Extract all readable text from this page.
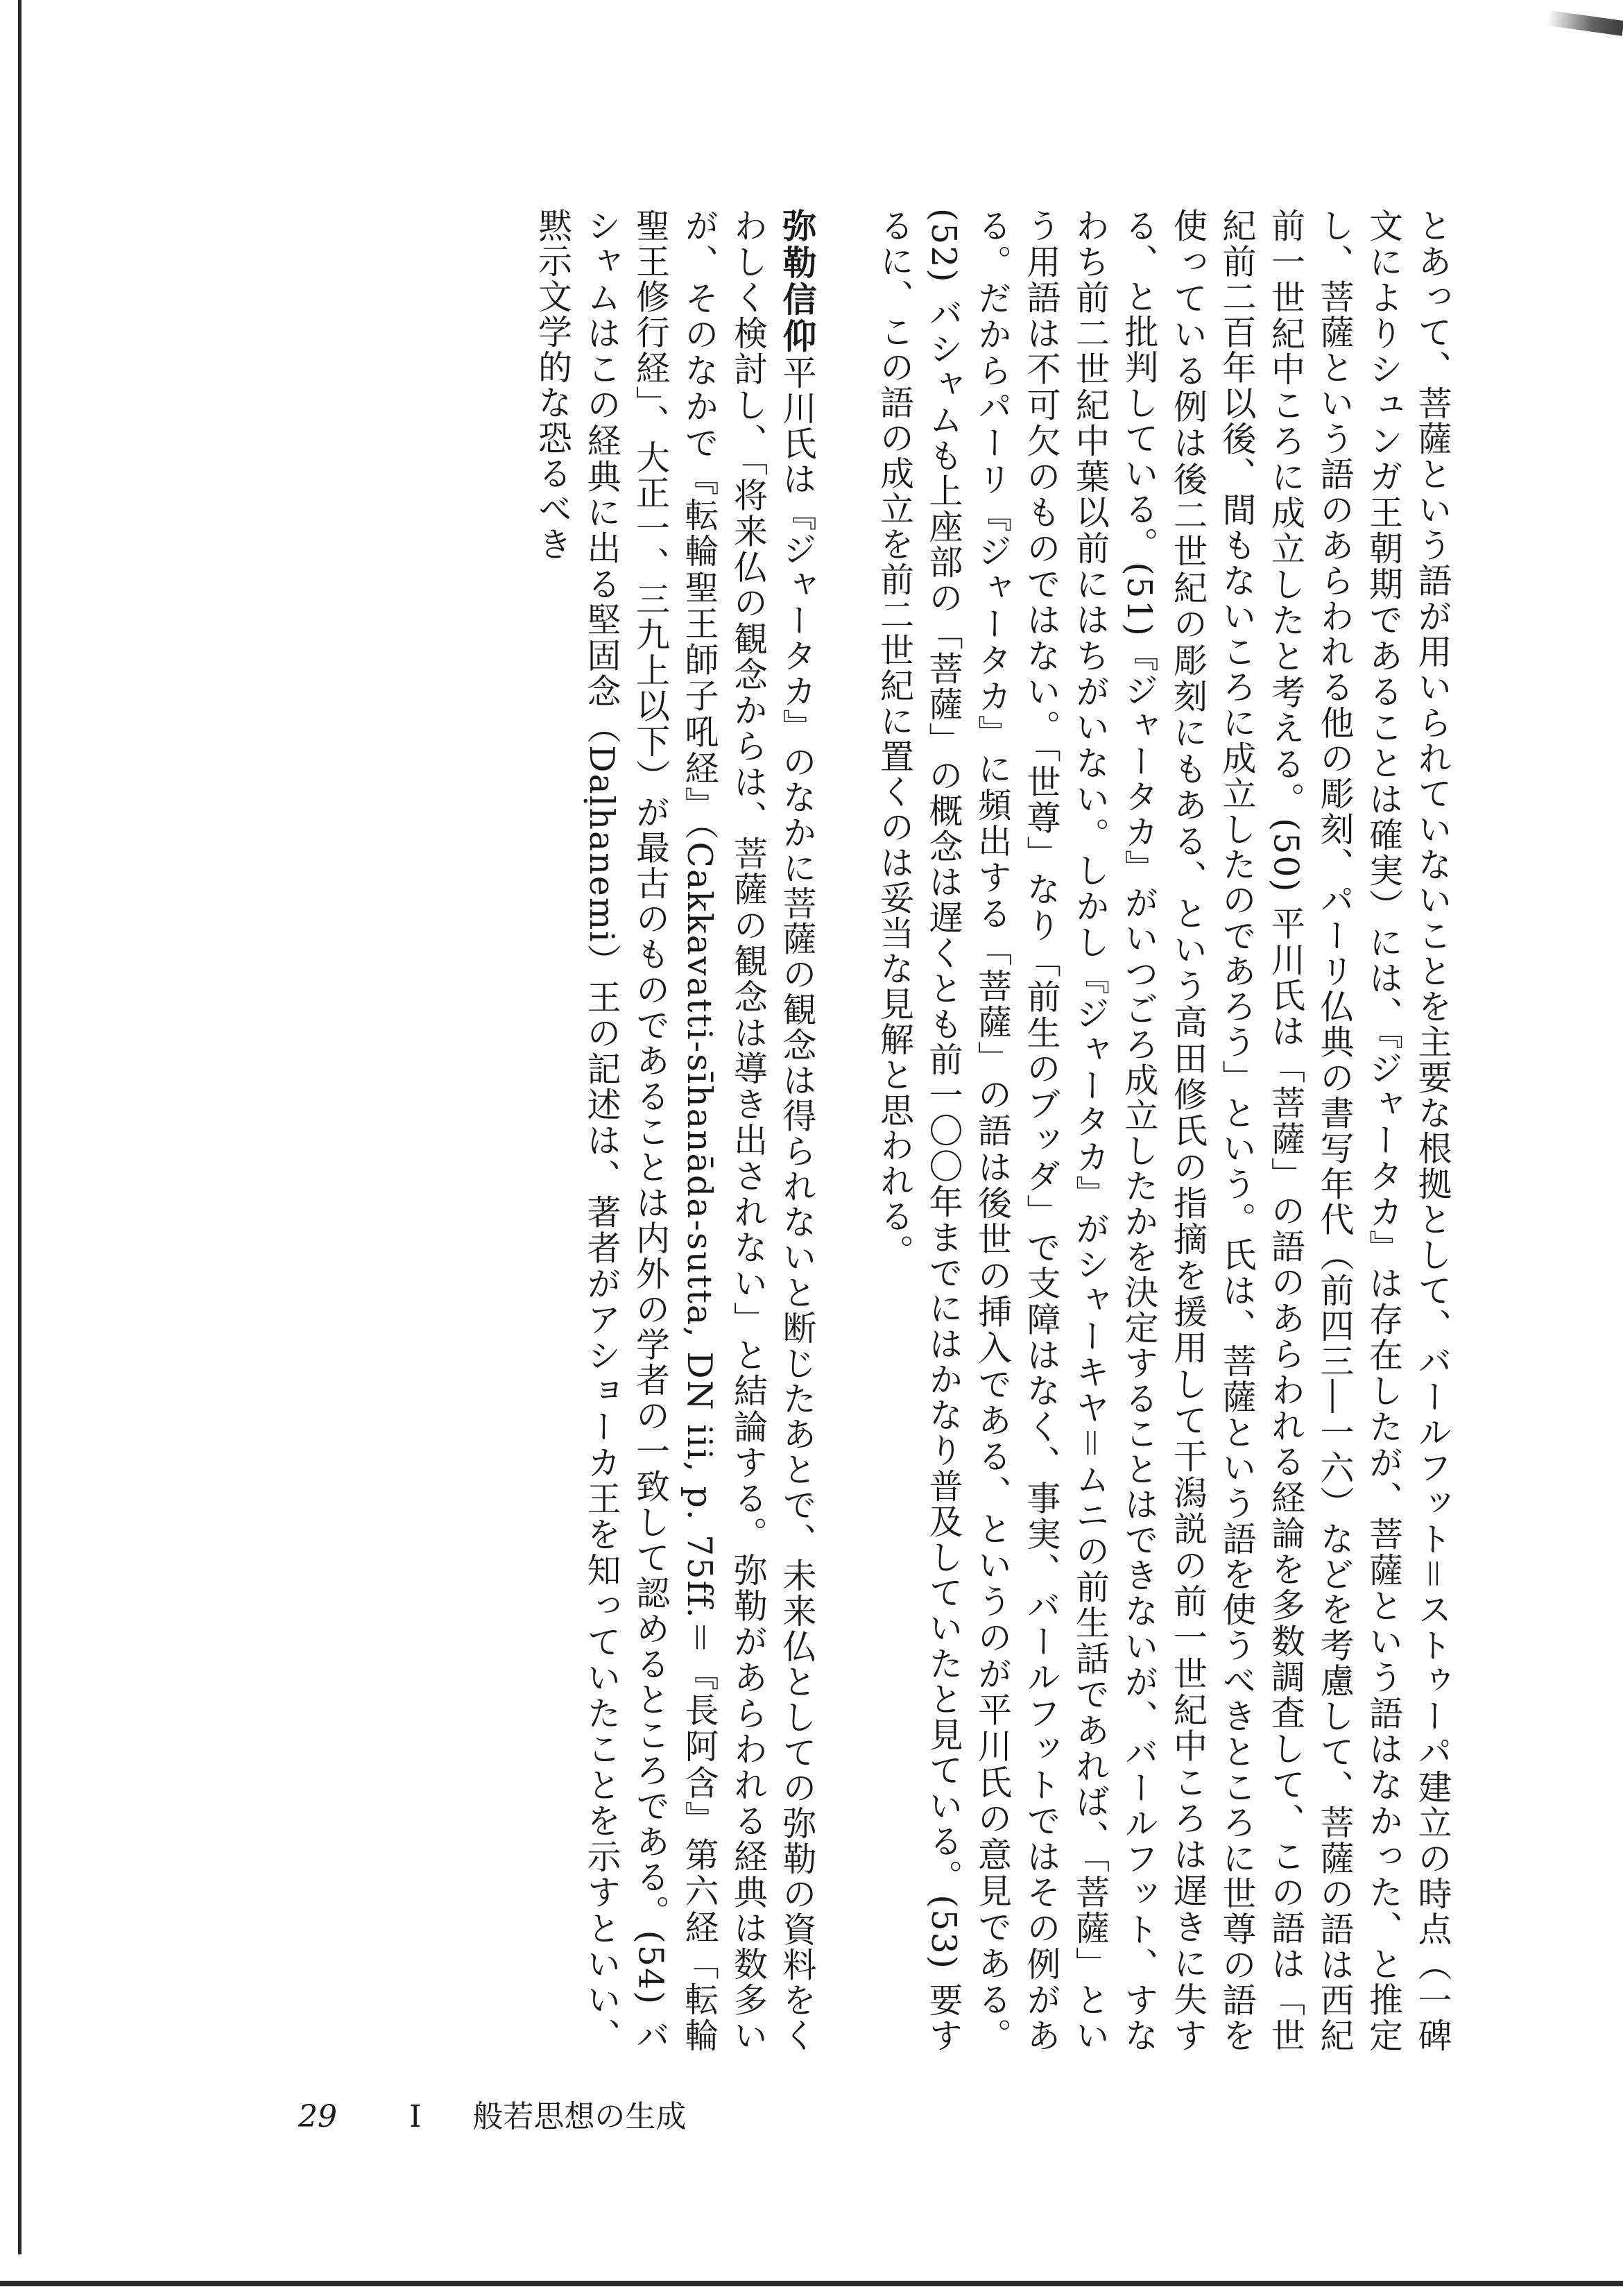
とあって、菩薩という語が用いられていないことを主要な根拠として、バールフット＝ストゥーパ建立の時点（一碑文によりシュンガ王朝期であることは確実）には、『ジャータカ』は存在したが、菩薩という語はなかった、と推定し、菩薩という語のあらわれる他の彫刻、パーリ仏典の書写年代（前四三―一六）などを考慮して、菩薩の語は西紀前一世紀中ころに成立したと考える。(50) 平川氏は「菩薩」の語のあらわれる経論を多数調査して、この語は「世紀前二百年以後、間もないころに成立したのであろう」という。氏は、菩薩という語を使うべきところに世尊の語を使っている例は後二世紀の彫刻にもある、という高田修氏の指摘を援用して干潟説の前一世紀中ころは遅きに失する、と批判している。(51)『ジャータカ』がいつごろ成立したかを決定することはできないが、バールフット、すなわち前二世紀中葉以前にはちがいない。しかし『ジャータカ』がシャーキヤ＝ムニの前生話であれば、「菩薩」という用語は不可欠のものではない。「世尊」なり「前生のブッダ」で支障はなく、事実、バールフットではその例がある。だからパーリ『ジャータカ』に頻出する「菩薩」の語は後世の挿入である、というのが平川氏の意見である。(52) バシャムも上座部の「菩薩」の概念は遅くとも前一〇〇年までにはかなり普及していたと見ている。(53) 要するに、この語の成立を前二世紀に置くのは妥当な見解と思われる。

弥勒信仰平川氏は『ジャータカ』のなかに菩薩の観念は得られないと断じたあとで、未来仏としての弥勒の資料をくわしく検討し、「将来仏の観念からは、菩薩の観念は導き出されない」と結論する。弥勒があらわれる経典は数多いが、そのなかで『転輪聖王師子吼経』（Cakkavatti-sīhanāda-sutta, DN iii, p. 75ff.＝『長阿含』第六経「転輪聖王修行経」、大正一、三九上以下）が最古のものであることは内外の学者の一致して認めるところである。(54) バシャムはこの経典に出る堅固念（Daḷhanemi）王の記述は、著者がアショーカ王を知っていたことを示すといい、黙示文学的な恐るべき

29 I 般若思想の生成
